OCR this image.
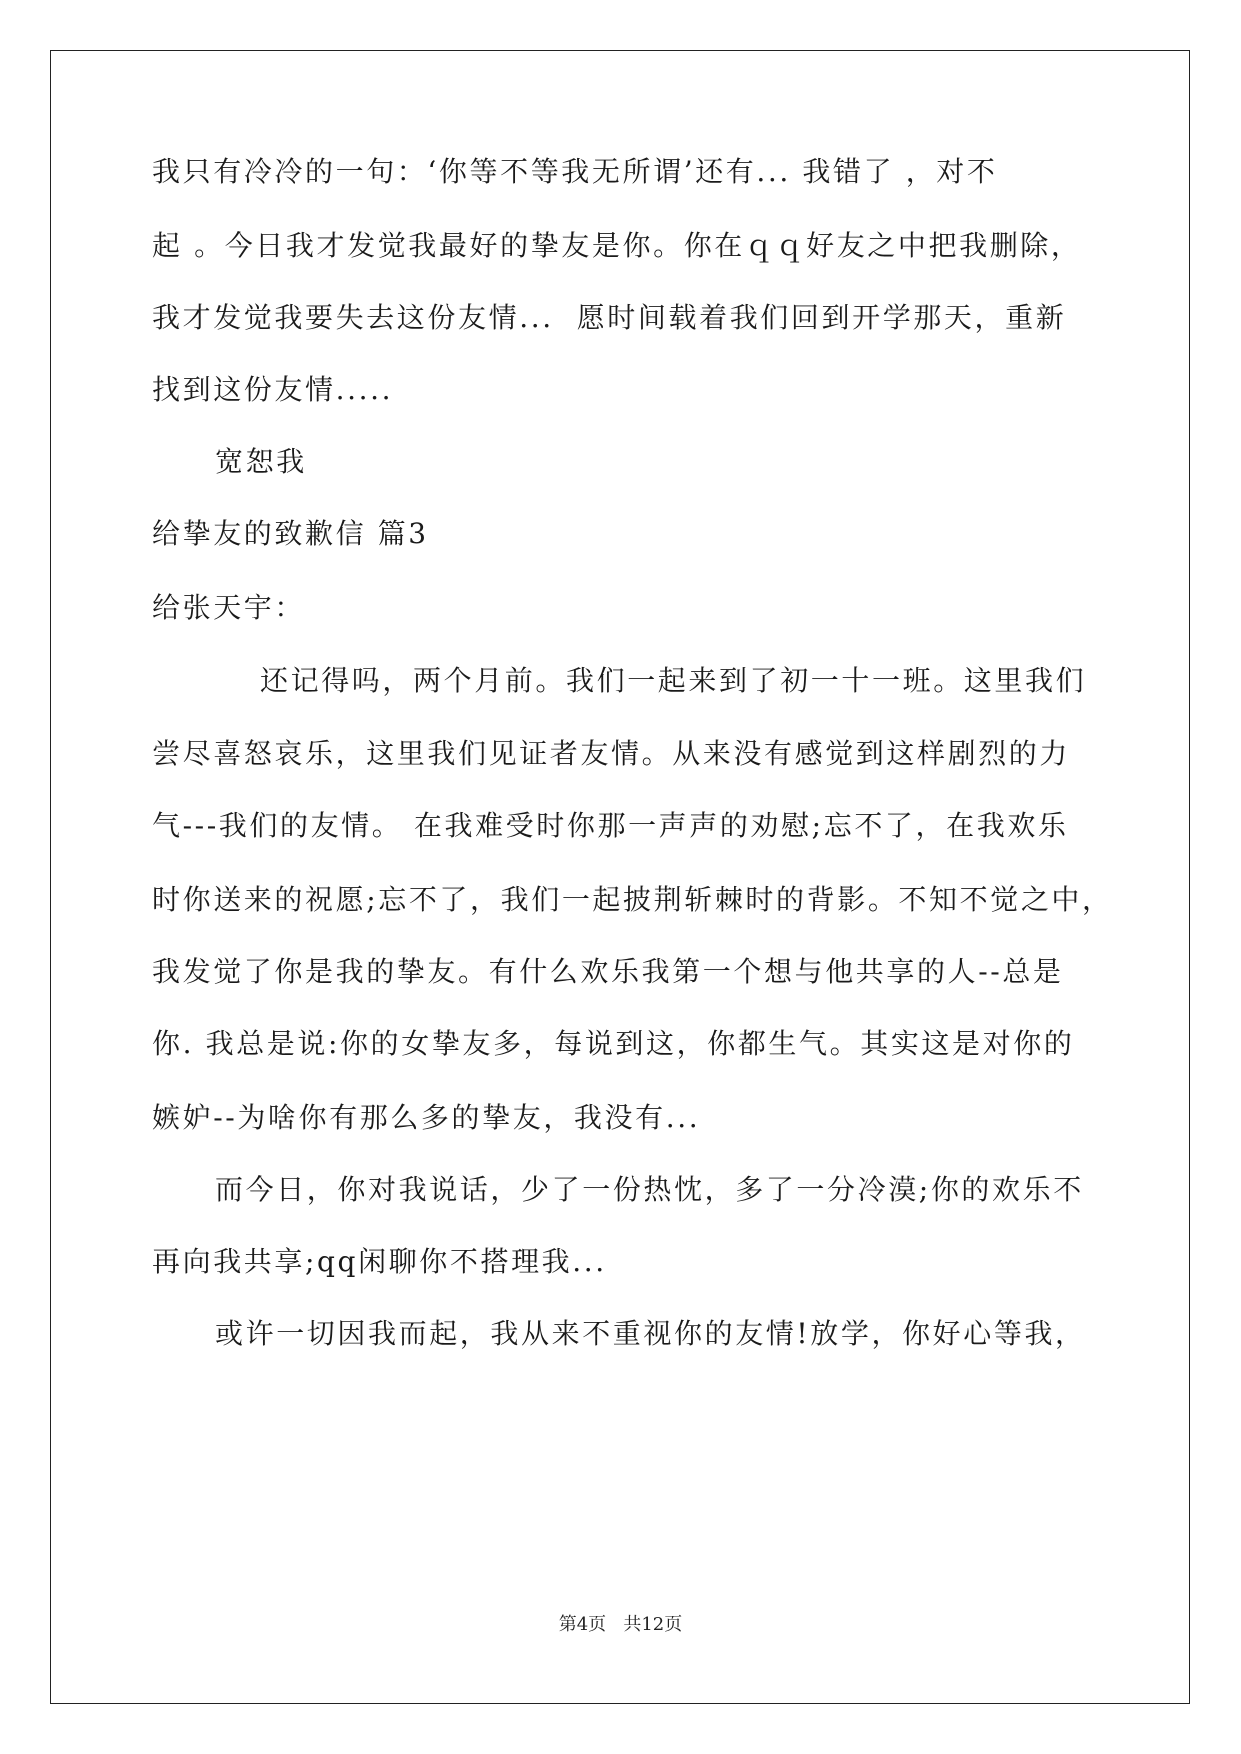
我只有冷冷的一句：‘你等不等我无所谓’还有... 我错了 ，对不
起 。今日我才发觉我最好的挚友是你。你在ｑｑ好友之中把我删除，
我才发觉我要失去这份友情...  愿时间载着我们回到开学那天，重新
找到这份友情.....
宽恕我
给挚友的致歉信 篇3
给张天宇：
还记得吗，两个月前。我们一起来到了初一十一班。这里我们
尝尽喜怒哀乐，这里我们见证者友情。从来没有感觉到这样剧烈的力
气---我们的友情。 在我难受时你那一声声的劝慰;忘不了，在我欢乐
时你送来的祝愿;忘不了，我们一起披荆斩棘时的背影。不知不觉之中，
我发觉了你是我的挚友。有什么欢乐我第一个想与他共享的人--总是
你. 我总是说:你的女挚友多，每说到这，你都生气。其实这是对你的
嫉妒--为啥你有那么多的挚友，我没有...
而今日，你对我说话，少了一份热忱，多了一分冷漠;你的欢乐不
再向我共享;qq闲聊你不搭理我...
或许一切因我而起，我从来不重视你的友情!放学，你好心等我，
第4页   共12页
